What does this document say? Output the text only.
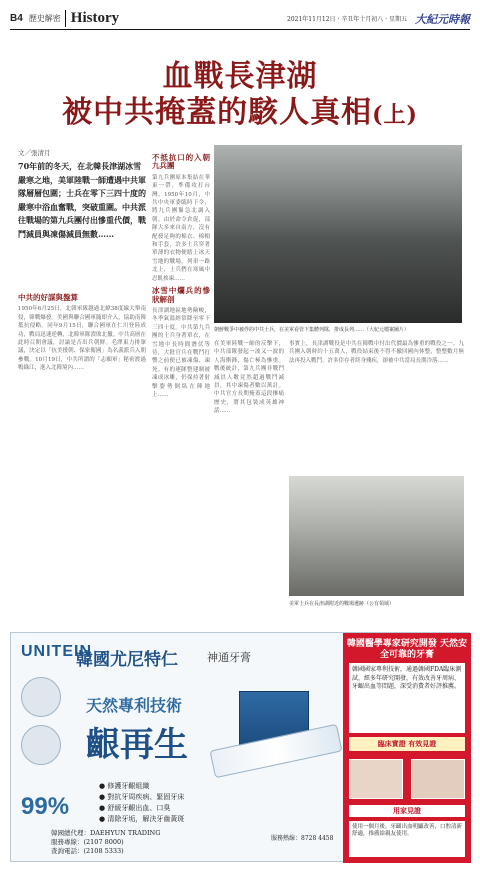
B4 歷史解密 History	2021年11月12日 · 辛丑年十月初八 · 星期五 大紀元時報
血戰長津湖
被中共掩蓋的駭人真相(上)
文／張清月
70年前的冬天，在北韓長津湖冰雪嚴寒之地，美軍陸戰一師遭遇中共軍隊層層包圍；士兵在零下三四十度的嚴寒中浴血奮戰，突破重圍。中共派往戰場的第九兵團付出慘重代價，戰鬥減員與凍傷減員無數……
中共的好謀與盤算

1950年6月25日，北韓軍隊越過北緯38度線大舉南侵，韓戰爆發。美國與聯合國軍隨即介入，協助南韓抵抗侵略。同年9月15日，聯合國軍在仁川登陸成功，戰局迅速逆轉，北韓軍隊潰敗北撤。中共高層在此時召開會議，討論是否出兵朝鮮。毛澤東力排眾議，決定以「抗美援朝、保家衛國」為名義派兵入朝參戰。10月19日，中共所謂的「志願軍」秘密渡過鴨綠江，進入北韓境內……

不抵抗口的入朝九兵團

第九兵團原本集結在華東一帶，準備攻打台灣。1950年10月，中共中央軍委臨時下令，將九兵團緊急北調入朝。由於命令倉促，部隊大多來自南方，沒有配發足夠的棉衣、棉帽和手套，許多士兵穿著單薄的衣物便踏上冰天雪地的戰場。列車一路北上，士兵們在寒風中忍飢挨凍……

冰雪中爛兵的慘狀解剖

長津湖地區地勢險峻，冬季氣溫經常降至零下三四十度。中共第九兵團的士兵身著單衣，在雪地中長時間潛伏等待，大批官兵在戰鬥打響之前便已被凍傷、凍死。有的連隊整建制被凍成冰雕，仍保持著射擊姿勢倒臥在陣地上……

朝鮮戰爭中被俘的中共士兵，在美軍看管下集體列隊，排成長列……（大紀元檔案圖片）

在美軍陸戰一師的反擊下，中共部隊發起一波又一波的人海衝鋒，傷亡極為慘重。戰後統計，第九兵團非戰鬥減員人數竟然超過戰鬥減員，其中凍傷者數以萬計。中共官方長期掩蓋這段慘痛歷史，將其包裝成英雄神話……

事實上，長津湖戰役是中共在韓戰中付出代價最為慘重的戰役之一。九兵團入朝時約十五萬人，戰役結束後不得不撤回國內休整，整整數月無法再投入戰鬥。許多倖存者終身殘疾，卻被中共當局長期冷落……

美軍士兵在長津湖附近的戰場遺跡（公有領域）
UNITEIN
韓國尤尼特仁	神通牙膏
天然專利技術
齦再生
● 修護牙齦組織
● 對抗牙周疾病、緊固牙床
● 舒緩牙齦出血、口臭
● 清除牙垢，解決牙齒黃斑
99%
韓國總代理：DAEHYUN TRADING
服務專線：(2107 8000)
查詢電話：(2108 5333)
服務熱線：8728 4458
韓國醫學專家研究開發 天然安全可靠的牙膏
韓國國家專利技術，通過韓國FDA臨床測試，經多年研究開發，有效改善牙周病、牙齦出血等問題，深受消費者好評推薦。
臨床實證 有效見證
用家見證
使用一個月後，牙齦出血明顯改善，口腔清新舒適，推薦給親友使用。
